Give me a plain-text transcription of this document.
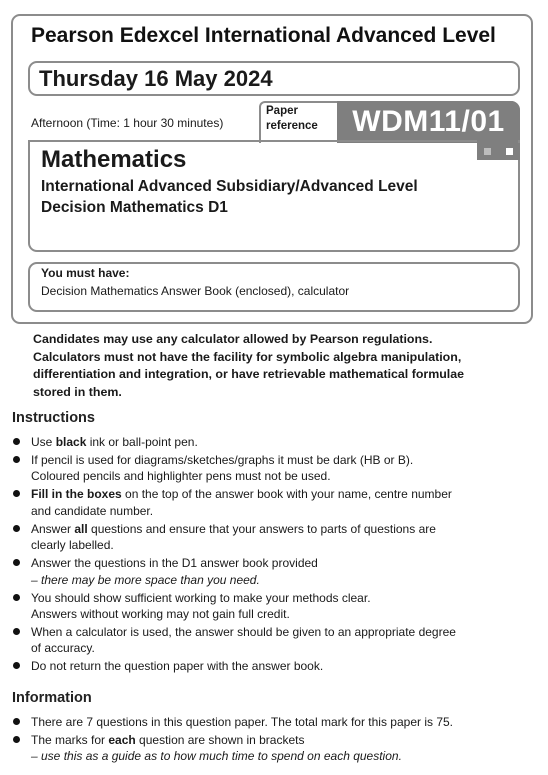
Pearson Edexcel International Advanced Level
Thursday 16 May 2024
Afternoon (Time: 1 hour 30 minutes)
Paper
reference	WDM11/01
Mathematics
International Advanced Subsidiary/Advanced Level
Decision Mathematics D1
You must have:
Decision Mathematics Answer Book (enclosed), calculator
Candidates may use any calculator allowed by Pearson regulations.
Calculators must not have the facility for symbolic algebra manipulation,
differentiation and integration, or have retrievable mathematical formulae
stored in them.
Instructions
Use black ink or ball-point pen.
If pencil is used for diagrams/sketches/graphs it must be dark (HB or B).
Coloured pencils and highlighter pens must not be used.
Fill in the boxes on the top of the answer book with your name, centre number
and candidate number.
Answer all questions and ensure that your answers to parts of questions are
clearly labelled.
Answer the questions in the D1 answer book provided
– there may be more space than you need.
You should show sufficient working to make your methods clear.
Answers without working may not gain full credit.
When a calculator is used, the answer should be given to an appropriate degree
of accuracy.
Do not return the question paper with the answer book.
Information
There are 7 questions in this question paper. The total mark for this paper is 75.
The marks for each question are shown in brackets
– use this as a guide as to how much time to spend on each question.
